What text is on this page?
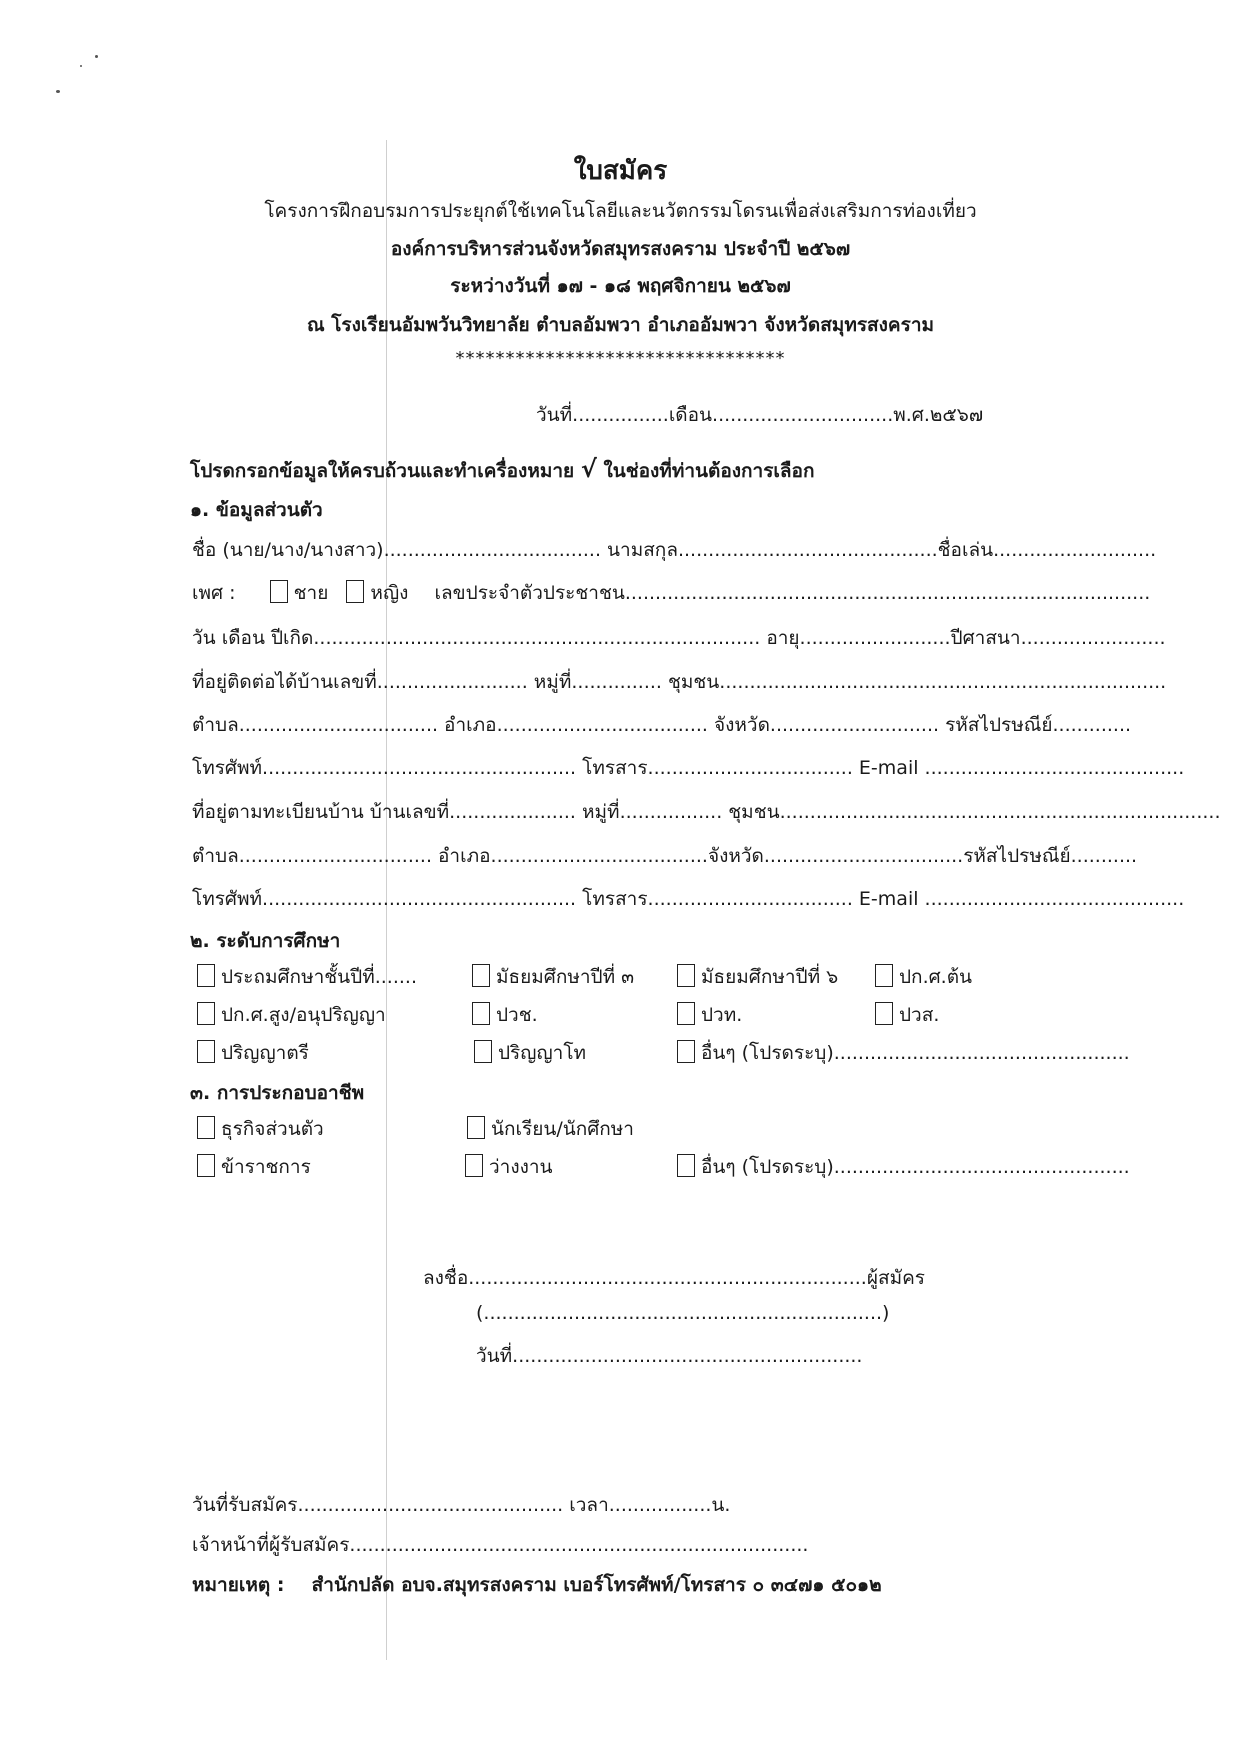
ใบสมัคร
โครงการฝึกอบรมการประยุกต์ใช้เทคโนโลยีและนวัตกรรมโดรนเพื่อส่งเสริมการท่องเที่ยว
องค์การบริหารส่วนจังหวัดสมุทรสงคราม ประจำปี ๒๕๖๗
ระหว่างวันที่ ๑๗ - ๑๘ พฤศจิกายน ๒๕๖๗
ณ โรงเรียนอัมพวันวิทยาลัย ตำบลอัมพวา อำเภออัมพวา จังหวัดสมุทรสงคราม
*********************************
วันที่................เดือน..............................พ.ศ.๒๕๖๗
โปรดกรอกข้อมูลให้ครบถ้วนและทำเครื่องหมาย √ ในช่องที่ท่านต้องการเลือก
๑. ข้อมูลส่วนตัว
ชื่อ (นาย/นาง/นางสาว).................................... นามสกุล...........................................ชื่อเล่น...........................
เพศ :	ชาย หญิง เลขประจำตัวประชาชน.......................................................................................
วัน เดือน ปีเกิด.......................................................................... อายุ.........................ปีศาสนา........................
ที่อยู่ติดต่อได้บ้านเลขที่......................... หมู่ที่............... ชุมชน..........................................................................
ตำบล................................. อำเภอ................................... จังหวัด............................ รหัสไปรษณีย์.............
โทรศัพท์.................................................... โทรสาร.................................. E-mail ...........................................
ที่อยู่ตามทะเบียนบ้าน บ้านเลขที่..................... หมู่ที่................. ชุมชน.........................................................................
ตำบล................................ อำเภอ....................................จังหวัด.................................รหัสไปรษณีย์...........
โทรศัพท์.................................................... โทรสาร.................................. E-mail ...........................................
๒. ระดับการศึกษา
ประถมศึกษาชั้นปีที่.......	มัธยมศึกษาปีที่ ๓	มัธยมศึกษาปีที่ ๖	ปก.ศ.ต้น
ปก.ศ.สูง/อนุปริญญา	ปวช.	ปวท.	ปวส.
ปริญญาตรี	ปริญญาโท	อื่นๆ (โปรดระบุ).................................................
๓. การประกอบอาชีพ
ธุรกิจส่วนตัว	นักเรียน/นักศึกษา
ข้าราชการ	ว่างงาน	อื่นๆ (โปรดระบุ).................................................
ลงชื่อ..................................................................ผู้สมัคร
(..................................................................)
วันที่..........................................................
วันที่รับสมัคร............................................ เวลา.................น.
เจ้าหน้าที่ผู้รับสมัคร............................................................................
หมายเหตุ : สำนักปลัด อบจ.สมุทรสงคราม เบอร์โทรศัพท์/โทรสาร ๐ ๓๔๗๑ ๕๐๑๒
